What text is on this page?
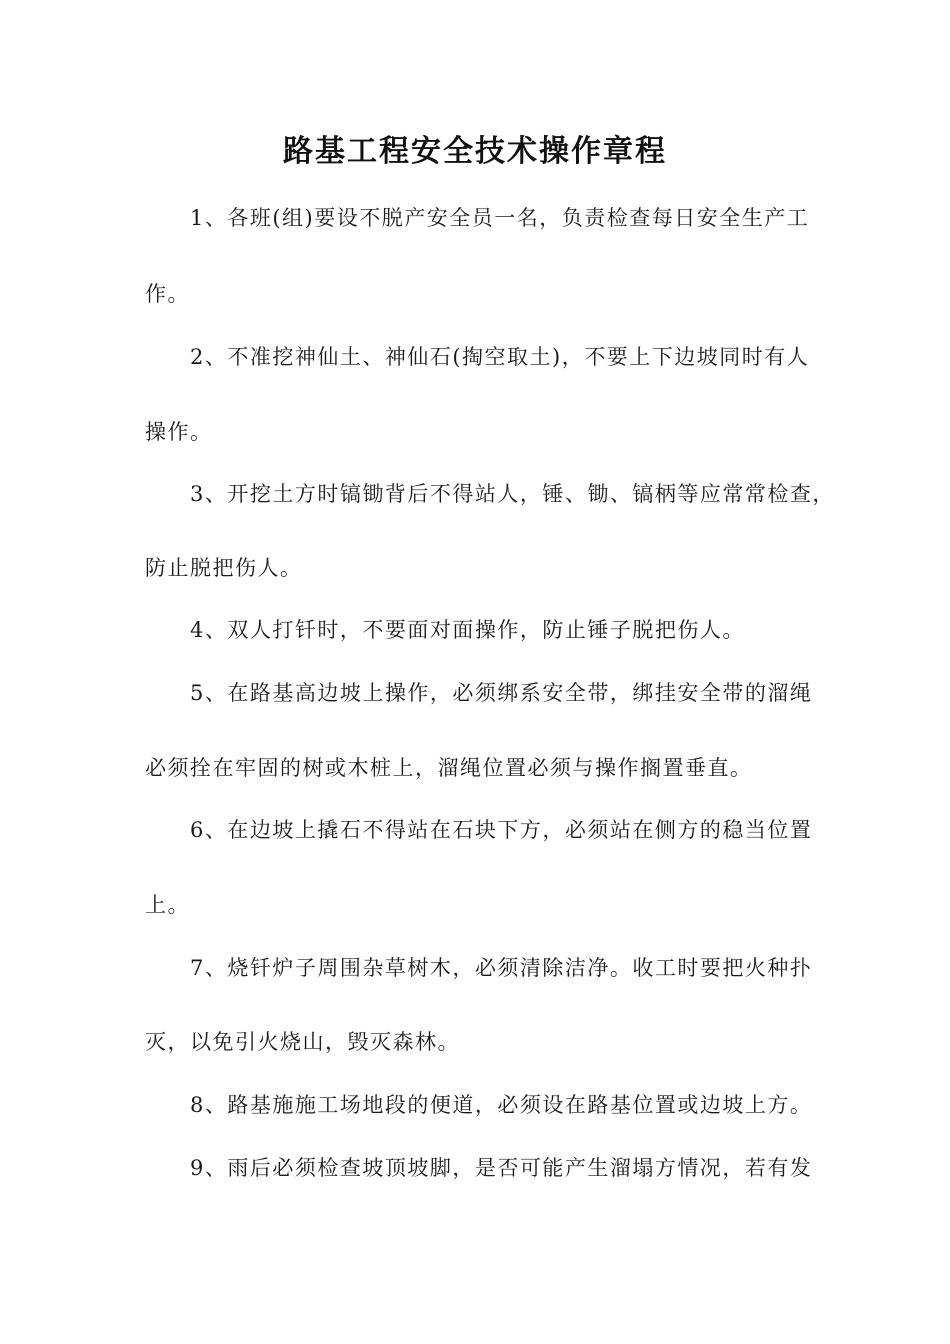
路基工程安全技术操作章程
1、各班(组)要设不脱产安全员一名，负责检查每日安全生产工
作。
2、不准挖神仙土、神仙石(掏空取土)，不要上下边坡同时有人
操作。
3、开挖土方时镐锄背后不得站人，锤、锄、镐柄等应常常检查，
防止脱把伤人。
4、双人打钎时，不要面对面操作，防止锤子脱把伤人。
5、在路基高边坡上操作，必须绑系安全带，绑挂安全带的溜绳
必须拴在牢固的树或木桩上，溜绳位置必须与操作搁置垂直。
6、在边坡上撬石不得站在石块下方，必须站在侧方的稳当位置
上。
7、烧钎炉子周围杂草树木，必须清除洁净。收工时要把火种扑
灭，以免引火烧山，毁灭森林。
8、路基施施工场地段的便道，必须设在路基位置或边坡上方。
9、雨后必须检查坡顶坡脚，是否可能产生溜塌方情况，若有发
